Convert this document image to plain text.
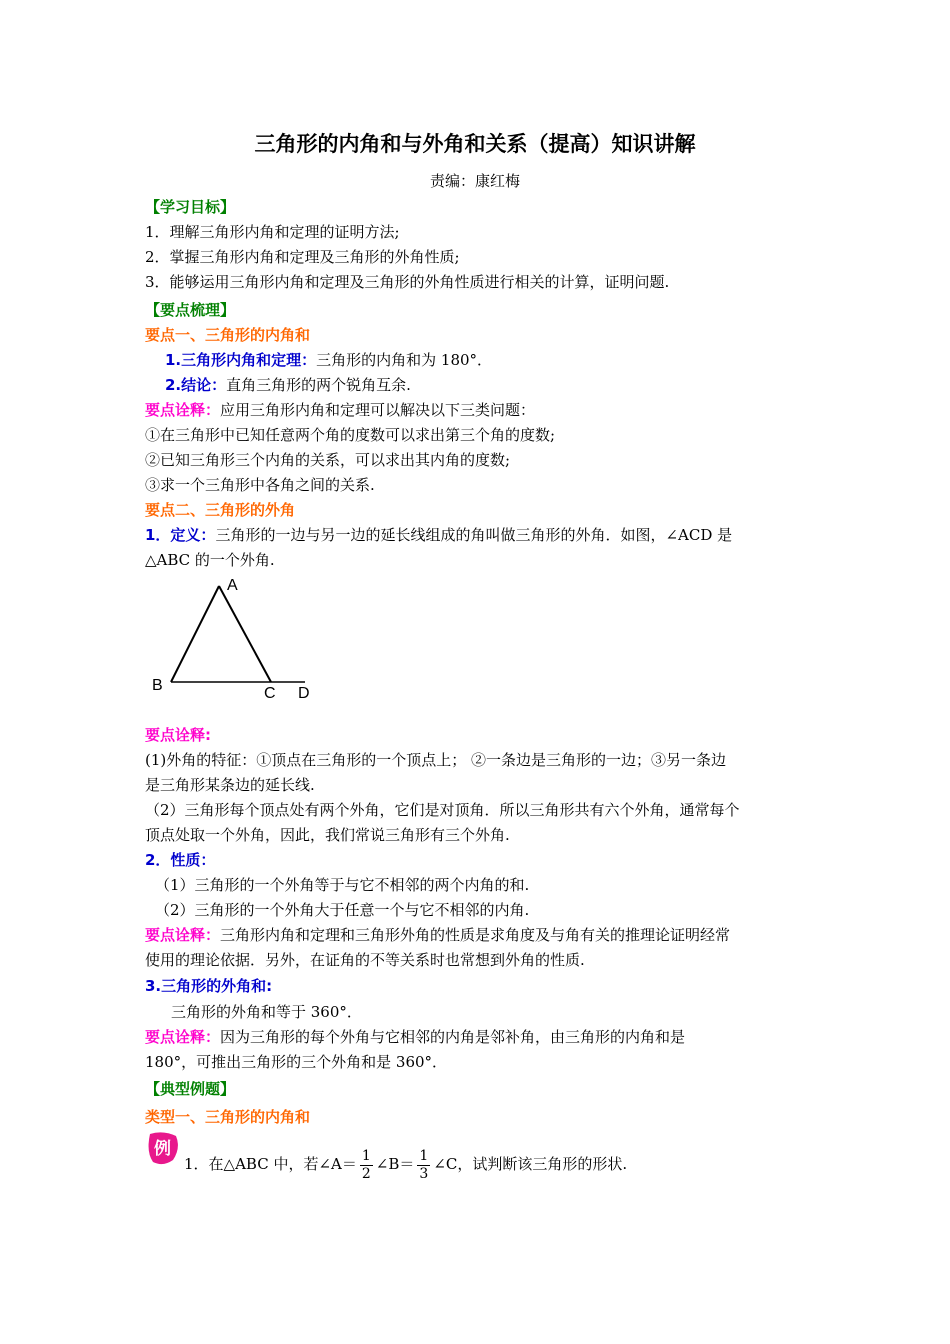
三角形的内角和与外角和关系（提高）知识讲解
责编：康红梅
【学习目标】
1．理解三角形内角和定理的证明方法;
2．掌握三角形内角和定理及三角形的外角性质;
3．能够运用三角形内角和定理及三角形的外角性质进行相关的计算，证明问题.
【要点梳理】
要点一、三角形的内角和
1.三角形内角和定理：三角形的内角和为 180°．
2.结论：直角三角形的两个锐角互余.
要点诠释：应用三角形内角和定理可以解决以下三类问题：
①在三角形中已知任意两个角的度数可以求出第三个角的度数;
②已知三角形三个内角的关系，可以求出其内角的度数;
③求一个三角形中各角之间的关系.
要点二、三角形的外角
1．定义：三角形的一边与另一边的延长线组成的角叫做三角形的外角．如图，∠ACD 是
△ABC 的一个外角.
A
B	C D
要点诠释:
(1)外角的特征：①顶点在三角形的一个顶点上； ②一条边是三角形的一边；③另一条边
是三角形某条边的延长线.
（2）三角形每个顶点处有两个外角，它们是对顶角．所以三角形共有六个外角，通常每个
顶点处取一个外角，因此，我们常说三角形有三个外角.
2．性质：
（1）三角形的一个外角等于与它不相邻的两个内角的和.
（2）三角形的一个外角大于任意一个与它不相邻的内角.
要点诠释：三角形内角和定理和三角形外角的性质是求角度及与角有关的推理论证明经常
使用的理论依据．另外，在证角的不等关系时也常想到外角的性质.
3.三角形的外角和:
三角形的外角和等于 360°．
要点诠释：因为三角形的每个外角与它相邻的内角是邻补角，由三角形的内角和是
180°，可推出三角形的三个外角和是 360°．
【典型例题】
类型一、三角形的内角和
例
1．在△ABC 中，若∠A＝ $\frac{1}{2}$ ∠B＝ $\frac{1}{3}$ ∠C，试判断该三角形的形状.
